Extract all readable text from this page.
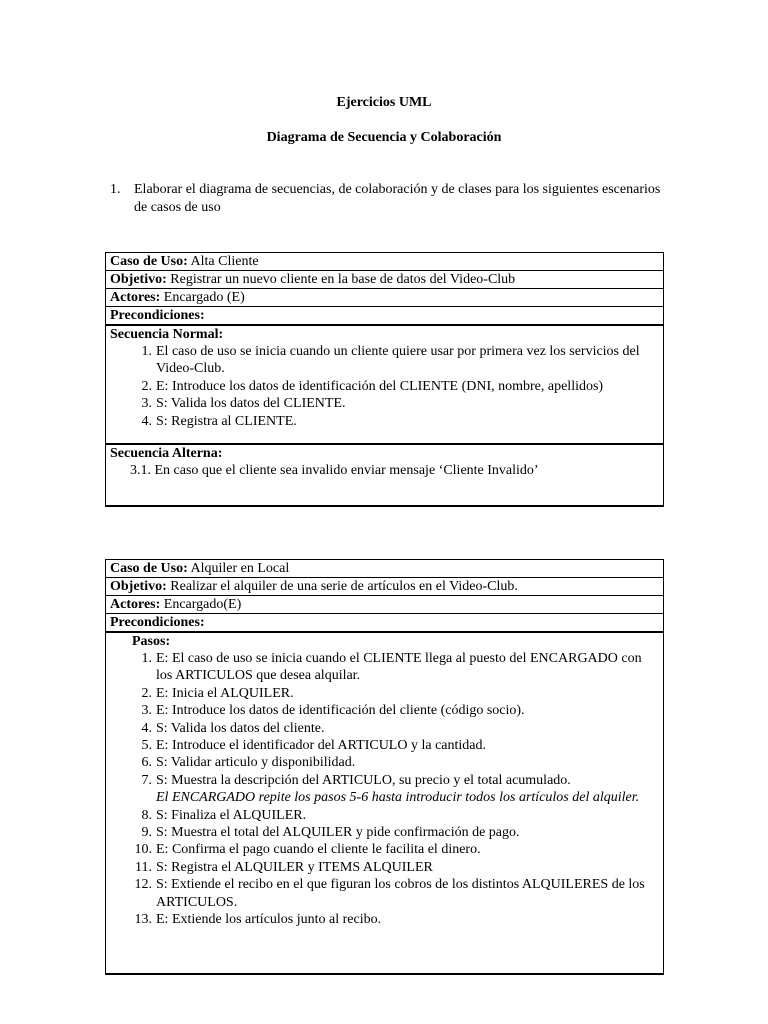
Ejercicios UML
Diagrama de Secuencia y Colaboración
1. Elaborar el diagrama de secuencias, de colaboración y de clases para los siguientes escenarios de casos de uso
Caso de Uso: Alta Cliente
Objetivo: Registrar un nuevo cliente en la base de datos del Video-Club
Actores: Encargado (E)
Precondiciones:
Secuencia Normal:
1. El caso de uso se inicia cuando un cliente quiere usar por primera vez los servicios del Video-Club.
2. E: Introduce los datos de identificación del CLIENTE (DNI, nombre, apellidos)
3. S: Valida los datos del CLIENTE.
4. S: Registra al CLIENTE.
Secuencia Alterna:
3.1. En caso que el cliente sea invalido enviar mensaje ‘Cliente Invalido’
Caso de Uso: Alquiler en Local
Objetivo: Realizar el alquiler de una serie de artículos en el Video-Club.
Actores: Encargado(E)
Precondiciones:
Pasos:
1. E: El caso de uso se inicia cuando el CLIENTE llega al puesto del ENCARGADO con los ARTICULOS que desea alquilar.
2. E: Inicia el ALQUILER.
3. E: Introduce los datos de identificación del cliente (código socio).
4. S: Valida los datos del cliente.
5. E: Introduce el identificador del ARTICULO y la cantidad.
6. S: Validar articulo y disponibilidad.
7. S: Muestra la descripción del ARTICULO, su precio y el total acumulado.
El ENCARGADO repite los pasos 5-6 hasta introducir todos los artículos del alquiler.
8. S: Finaliza el ALQUILER.
9. S: Muestra el total del ALQUILER y pide confirmación de pago.
10. E: Confirma el pago cuando el cliente le facilita el dinero.
11. S: Registra el ALQUILER y ITEMS ALQUILER
12. S: Extiende el recibo en el que figuran los cobros de los distintos ALQUILERES de los ARTICULOS.
13. E: Extiende los artículos junto al recibo.
